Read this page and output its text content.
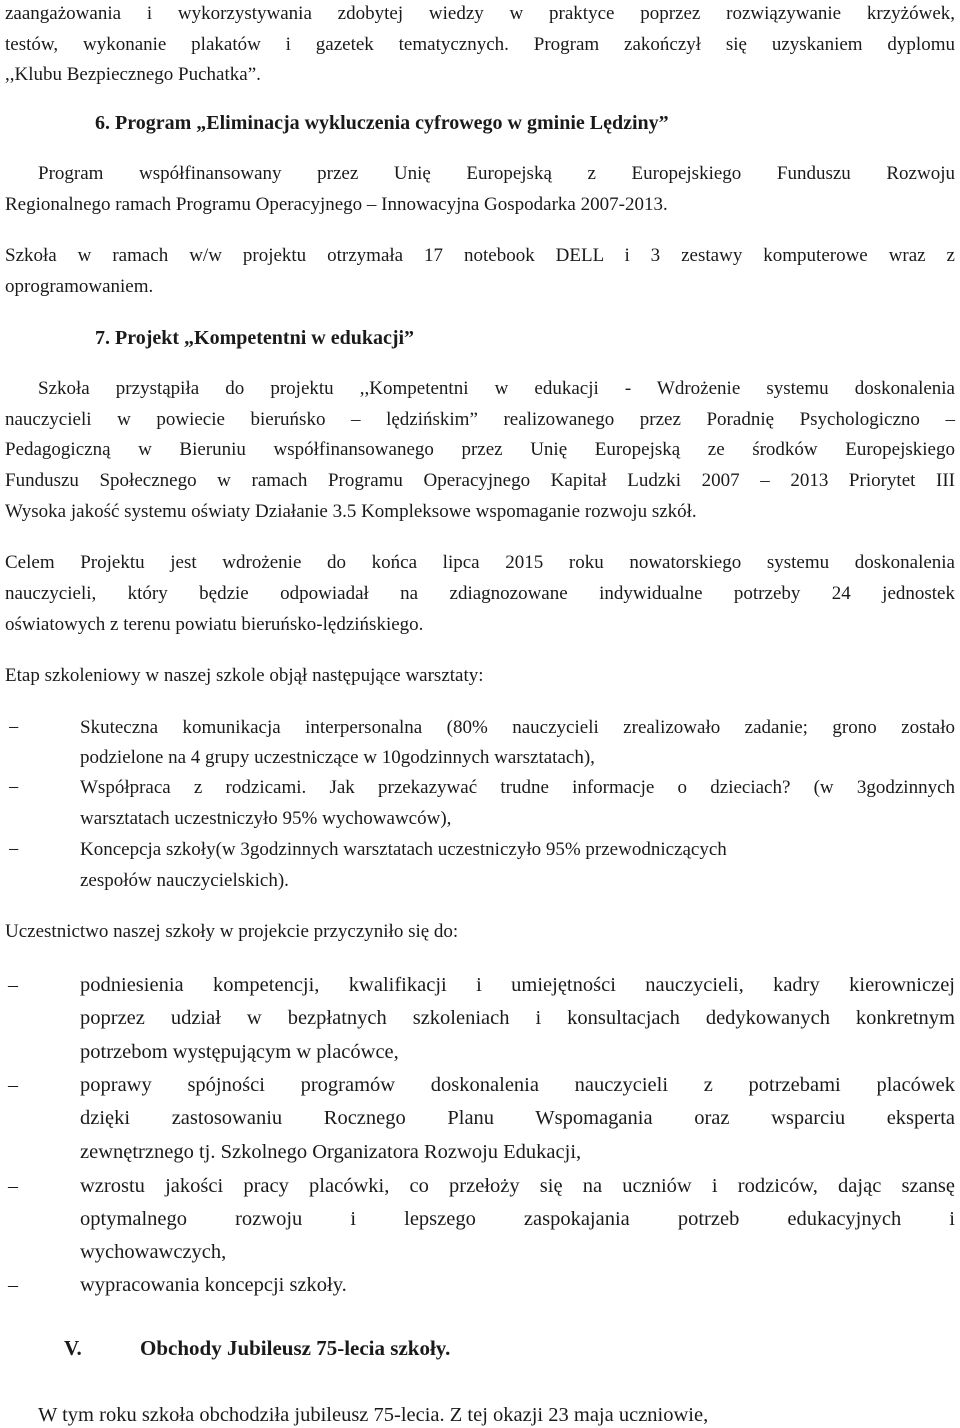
zaangażowania i wykorzystywania zdobytej wiedzy w praktyce poprzez rozwiązywanie krzyżówek,
testów, wykonanie plakatów i gazetek tematycznych. Program zakończył się uzyskaniem dyplomu
,,Klubu Bezpiecznego Puchatka”.
6. Program „Eliminacja wykluczenia cyfrowego w gminie Lędziny”
Program współfinansowany przez Unię Europejską z Europejskiego Funduszu Rozwoju
Regionalnego ramach Programu Operacyjnego – Innowacyjna Gospodarka 2007-2013.
Szkoła w ramach w/w projektu otrzymała 17 notebook DELL i 3 zestawy komputerowe wraz z
oprogramowaniem.
7. Projekt „Kompetentni w edukacji”
Szkoła przystąpiła do projektu ,,Kompetentni w edukacji - Wdrożenie systemu doskonalenia
nauczycieli w powiecie bieruńsko – lędzińskim” realizowanego przez Poradnię Psychologiczno –
Pedagogiczną w Bieruniu współfinansowanego przez Unię Europejską ze środków Europejskiego
Funduszu Społecznego w ramach Programu Operacyjnego Kapitał Ludzki 2007 – 2013 Priorytet III
Wysoka jakość systemu oświaty Działanie 3.5 Kompleksowe wspomaganie rozwoju szkół.
Celem Projektu jest wdrożenie do końca lipca 2015 roku nowatorskiego systemu doskonalenia
nauczycieli, który będzie odpowiadał na zdiagnozowane indywidualne potrzeby 24 jednostek
oświatowych z terenu powiatu bieruńsko-lędzińskiego.
Etap szkoleniowy w naszej szkole objął następujące warsztaty:
−	Skuteczna komunikacja interpersonalna (80% nauczycieli zrealizowało zadanie; grono zostało
podzielone na 4 grupy uczestniczące w 10godzinnych warsztatach),
−	Współpraca z rodzicami. Jak przekazywać trudne informacje o dzieciach? (w 3godzinnych
warsztatach uczestniczyło 95% wychowawców),
−	Koncepcja szkoły(w 3godzinnych warsztatach uczestniczyło 95% przewodniczących
zespołów nauczycielskich).
Uczestnictwo naszej szkoły w projekcie przyczyniło się do:
–	podniesienia kompetencji, kwalifikacji i umiejętności nauczycieli, kadry kierowniczej
poprzez udział w bezpłatnych szkoleniach i konsultacjach dedykowanych konkretnym
potrzebom występującym w placówce,
–	poprawy spójności programów doskonalenia nauczycieli z potrzebami placówek
dzięki zastosowaniu Rocznego Planu Wspomagania oraz wsparciu eksperta
zewnętrznego tj. Szkolnego Organizatora Rozwoju Edukacji,
–	wzrostu jakości pracy placówki, co przełoży się na uczniów i rodziców, dając szansę
optymalnego rozwoju i lepszego zaspokajania potrzeb edukacyjnych i
wychowawczych,
–	wypracowania koncepcji szkoły.
V.	Obchody Jubileusz 75-lecia szkoły.
W tym roku szkoła obchodziła jubileusz 75-lecia. Z tej okazji 23 maja uczniowie,
